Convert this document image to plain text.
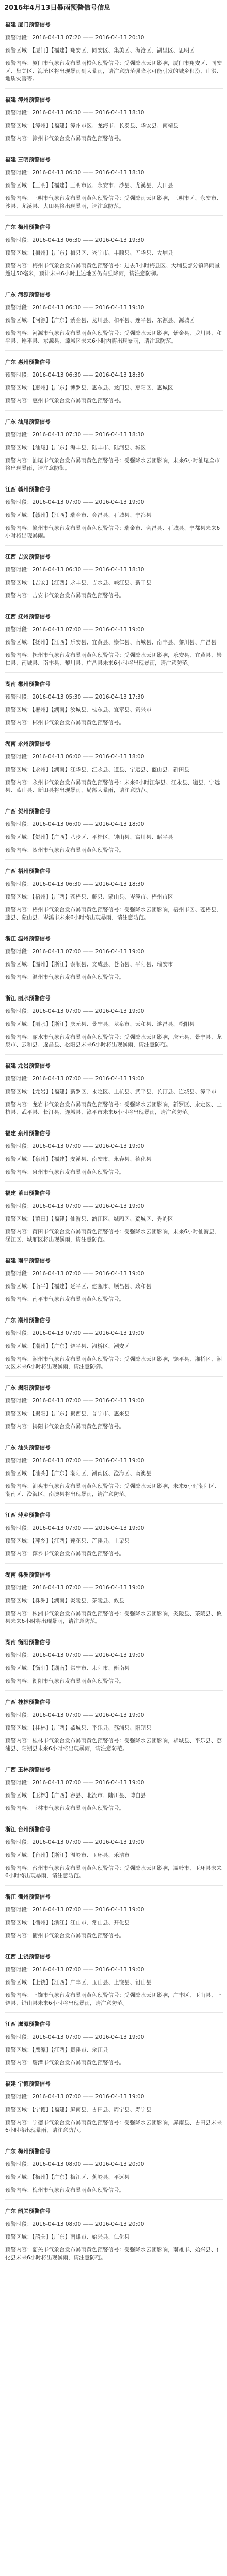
2016年4月13日暴雨预警信号信息
福建 厦门预警信号
预警时段：2016-04-13 07:20 —— 2016-04-13 20:30
预警区域：【厦门】【福建】翔安区、同安区、集美区、海沧区、湖里区、思明区
预警内容：厦门市气象台发布暴雨橙色预警信号：受强降水云团影响，厦门市翔安区、同安区、集美区、海沧区将出现暴雨到大暴雨，请注意防范强降水可能引发的城乡积涝、山洪、地质灾害等。
福建 漳州预警信号
预警时段：2016-04-13 06:30 —— 2016-04-13 18:30
预警区域：【漳州】【福建】漳州市区、龙海市、长泰县、华安县、南靖县
预警内容：漳州市气象台发布暴雨黄色预警信号。
福建 三明预警信号
预警时段：2016-04-13 06:30 —— 2016-04-13 18:30
预警区域：【三明】【福建】三明市区、永安市、沙县、尤溪县、大田县
预警内容：三明市气象台发布暴雨黄色预警信号：受强降雨云团影响，三明市区、永安市、沙县、尤溪县、大田县将出现暴雨，请注意防范。
广东 梅州预警信号
预警时段：2016-04-13 06:30 —— 2016-04-13 19:30
预警区域：【梅州】【广东】梅县区、兴宁市、丰顺县、五华县、大埔县
预警内容：梅州市气象台发布暴雨黄色预警信号：过去3小时梅县区、大埔县部分镇降雨量超过50毫米，预计未来6小时上述地区仍有强降雨，请注意防御。
广东 河源预警信号
预警时段：2016-04-13 06:30 —— 2016-04-13 19:30
预警区域：【河源】【广东】紫金县、龙川县、和平县、连平县、东源县、源城区
预警内容：河源市气象台发布暴雨黄色预警信号：受强降水云团影响，紫金县、龙川县、和平县、连平县、东源县、源城区未来6小时内将出现暴雨，请注意防范。
广东 惠州预警信号
预警时段：2016-04-13 06:30 —— 2016-04-13 18:30
预警区域：【惠州】【广东】博罗县、惠东县、龙门县、惠阳区、惠城区
预警内容：惠州市气象台发布暴雨黄色预警信号。
广东 汕尾预警信号
预警时段：2016-04-13 07:30 —— 2016-04-13 18:30
预警区域：【汕尾】【广东】海丰县、陆丰市、陆河县、城区
预警内容：汕尾市气象台发布暴雨黄色预警信号：受强降水云团影响，未来6小时汕尾全市将出现暴雨，请注意防御。
江西 赣州预警信号
预警时段：2016-04-13 07:00 —— 2016-04-13 19:00
预警区域：【赣州】【江西】瑞金市、会昌县、石城县、宁都县
预警内容：赣州市气象台发布暴雨黄色预警信号：瑞金市、会昌县、石城县、宁都县未来6小时将出现暴雨。
江西 吉安预警信号
预警时段：2016-04-13 06:30 —— 2016-04-13 18:30
预警区域：【吉安】【江西】永丰县、吉水县、峡江县、新干县
预警内容：吉安市气象台发布暴雨黄色预警信号。
江西 抚州预警信号
预警时段：2016-04-13 07:00 —— 2016-04-13 19:00
预警区域：【抚州】【江西】乐安县、宜黄县、崇仁县、南城县、南丰县、黎川县、广昌县
预警内容：抚州市气象台发布暴雨黄色预警信号：受强降水云团影响，乐安县、宜黄县、崇仁县、南城县、南丰县、黎川县、广昌县未来6小时将出现暴雨，请注意防范。
湖南 郴州预警信号
预警时段：2016-04-13 05:30 —— 2016-04-13 17:30
预警区域：【郴州】【湖南】汝城县、桂东县、宜章县、资兴市
预警内容：郴州市气象台发布暴雨黄色预警信号。
湖南 永州预警信号
预警时段：2016-04-13 06:00 —— 2016-04-13 18:00
预警区域：【永州】【湖南】江华县、江永县、道县、宁远县、蓝山县、新田县
预警内容：永州市气象台发布暴雨黄色预警信号：未来6小时江华县、江永县、道县、宁远县、蓝山县、新田县将出现暴雨，局部大暴雨，请注意防范。
广西 贺州预警信号
预警时段：2016-04-13 06:00 —— 2016-04-13 18:00
预警区域：【贺州】【广西】八步区、平桂区、钟山县、富川县、昭平县
预警内容：贺州市气象台发布暴雨黄色预警信号。
广西 梧州预警信号
预警时段：2016-04-13 06:30 —— 2016-04-13 18:30
预警区域：【梧州】【广西】苍梧县、藤县、蒙山县、岑溪市、梧州市区
预警内容：梧州市气象台发布暴雨黄色预警信号：受强降水云团影响，梧州市区、苍梧县、藤县、蒙山县、岑溪市未来6小时将出现暴雨，请注意防范。
浙江 温州预警信号
预警时段：2016-04-13 07:00 —— 2016-04-13 19:00
预警区域：【温州】【浙江】泰顺县、文成县、苍南县、平阳县、瑞安市
预警内容：温州市气象台发布暴雨黄色预警信号。
浙江 丽水预警信号
预警时段：2016-04-13 07:00 —— 2016-04-13 19:00
预警区域：【丽水】【浙江】庆元县、景宁县、龙泉市、云和县、遂昌县、松阳县
预警内容：丽水市气象台发布暴雨黄色预警信号：受强降水云团影响，庆元县、景宁县、龙泉市、云和县、遂昌县、松阳县未来6小时将出现暴雨，请注意防范。
福建 龙岩预警信号
预警时段：2016-04-13 07:00 —— 2016-04-13 19:00
预警区域：【龙岩】【福建】新罗区、永定区、上杭县、武平县、长汀县、连城县、漳平市
预警内容：龙岩市气象台发布暴雨黄色预警信号：受强降水云团影响，新罗区、永定区、上杭县、武平县、长汀县、连城县、漳平市未来6小时将出现暴雨，请注意防范。
福建 泉州预警信号
预警时段：2016-04-13 07:00 —— 2016-04-13 19:00
预警区域：【泉州】【福建】安溪县、南安市、永春县、德化县
预警内容：泉州市气象台发布暴雨黄色预警信号。
福建 莆田预警信号
预警时段：2016-04-13 07:00 —— 2016-04-13 19:00
预警区域：【莆田】【福建】仙游县、涵江区、城厢区、荔城区、秀屿区
预警内容：莆田市气象台发布暴雨黄色预警信号：受强降水云团影响，未来6小时仙游县、涵江区、城厢区将出现暴雨，请注意防范。
福建 南平预警信号
预警时段：2016-04-13 07:00 —— 2016-04-13 19:00
预警区域：【南平】【福建】延平区、建瓯市、顺昌县、政和县
预警内容：南平市气象台发布暴雨黄色预警信号。
广东 潮州预警信号
预警时段：2016-04-13 07:00 —— 2016-04-13 19:00
预警区域：【潮州】【广东】饶平县、湘桥区、潮安区
预警内容：潮州市气象台发布暴雨黄色预警信号：受强降水云团影响，饶平县、湘桥区、潮安区未来6小时将出现暴雨，请注意防御。
广东 揭阳预警信号
预警时段：2016-04-13 07:00 —— 2016-04-13 19:00
预警区域：【揭阳】【广东】揭西县、普宁市、惠来县
预警内容：揭阳市气象台发布暴雨黄色预警信号。
广东 汕头预警信号
预警时段：2016-04-13 07:00 —— 2016-04-13 19:00
预警区域：【汕头】【广东】潮阳区、潮南区、澄海区、南澳县
预警内容：汕头市气象台发布暴雨黄色预警信号：受强降水云团影响，未来6小时潮阳区、潮南区、澄海区、南澳县将出现暴雨，请注意防范。
江西 萍乡预警信号
预警时段：2016-04-13 07:00 —— 2016-04-13 19:00
预警区域：【萍乡】【江西】莲花县、芦溪县、上栗县
预警内容：萍乡市气象台发布暴雨黄色预警信号。
湖南 株洲预警信号
预警时段：2016-04-13 07:00 —— 2016-04-13 19:00
预警区域：【株洲】【湖南】炎陵县、茶陵县、攸县
预警内容：株洲市气象台发布暴雨黄色预警信号：受强降水云团影响，炎陵县、茶陵县、攸县未来6小时将出现暴雨，请注意防范。
湖南 衡阳预警信号
预警时段：2016-04-13 07:00 —— 2016-04-13 19:00
预警区域：【衡阳】【湖南】常宁市、耒阳市、衡南县
预警内容：衡阳市气象台发布暴雨黄色预警信号。
广西 桂林预警信号
预警时段：2016-04-13 07:00 —— 2016-04-13 19:00
预警区域：【桂林】【广西】恭城县、平乐县、荔浦县、阳朔县
预警内容：桂林市气象台发布暴雨黄色预警信号：受强降水云团影响，恭城县、平乐县、荔浦县、阳朔县未来6小时将出现暴雨，请注意防范。
广西 玉林预警信号
预警时段：2016-04-13 07:00 —— 2016-04-13 19:00
预警区域：【玉林】【广西】容县、北流市、陆川县、博白县
预警内容：玉林市气象台发布暴雨黄色预警信号。
浙江 台州预警信号
预警时段：2016-04-13 07:00 —— 2016-04-13 19:00
预警区域：【台州】【浙江】温岭市、玉环县、乐清市
预警内容：台州市气象台发布暴雨黄色预警信号：受强降水云团影响，温岭市、玉环县未来6小时将出现暴雨，请注意防范。
浙江 衢州预警信号
预警时段：2016-04-13 07:00 —— 2016-04-13 19:00
预警区域：【衢州】【浙江】江山市、常山县、开化县
预警内容：衢州市气象台发布暴雨黄色预警信号。
江西 上饶预警信号
预警时段：2016-04-13 07:00 —— 2016-04-13 19:00
预警区域：【上饶】【江西】广丰区、玉山县、上饶县、铅山县
预警内容：上饶市气象台发布暴雨黄色预警信号：受强降水云团影响，广丰区、玉山县、上饶县、铅山县未来6小时将出现暴雨，请注意防范。
江西 鹰潭预警信号
预警时段：2016-04-13 07:00 —— 2016-04-13 19:00
预警区域：【鹰潭】【江西】贵溪市、余江县
预警内容：鹰潭市气象台发布暴雨黄色预警信号。
福建 宁德预警信号
预警时段：2016-04-13 07:00 —— 2016-04-13 19:00
预警区域：【宁德】【福建】屏南县、古田县、周宁县、寿宁县
预警内容：宁德市气象台发布暴雨黄色预警信号：受强降水云团影响，屏南县、古田县未来6小时将出现暴雨，请注意防范。
广东 梅州预警信号
预警时段：2016-04-13 08:00 —— 2016-04-13 20:00
预警区域：【梅州】【广东】梅江区、蕉岭县、平远县
预警内容：梅州市气象台发布暴雨黄色预警信号。
广东 韶关预警信号
预警时段：2016-04-13 08:00 —— 2016-04-13 20:00
预警区域：【韶关】【广东】南雄市、始兴县、仁化县
预警内容：韶关市气象台发布暴雨黄色预警信号：受强降水云团影响，南雄市、始兴县、仁化县未来6小时将出现暴雨，请注意防范。
